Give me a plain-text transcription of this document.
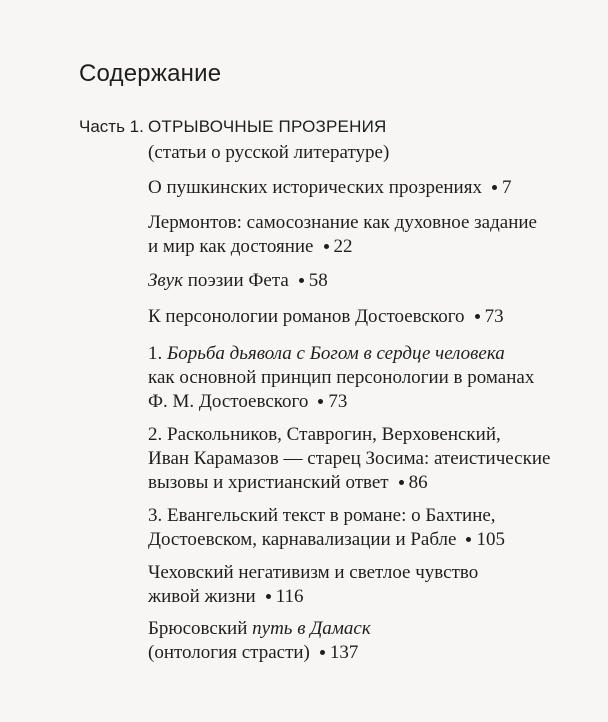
Содержание
Часть 1. ОТРЫВОЧНЫЕ ПРОЗРЕНИЯ
(статьи о русской литературе)
О пушкинских исторических прозрениях 7
Лермонтов: самосознание как духовное задание
и мир как достояние 22
Звук поэзии Фета 58
К персонологии романов Достоевского 73
1. Борьба дьявола с Богом в сердце человека
как основной принцип персонологии в романах
Ф. М. Достоевского 73
2. Раскольников, Ставрогин, Верховенский,
Иван Карамазов — старец Зосима: атеистические
вызовы и христианский ответ 86
3. Евангельский текст в романе: о Бахтине,
Достоевском, карнавализации и Рабле 105
Чеховский негативизм и светлое чувство
живой жизни 116
Брюсовский путь в Дамаск
(онтология страсти) 137
